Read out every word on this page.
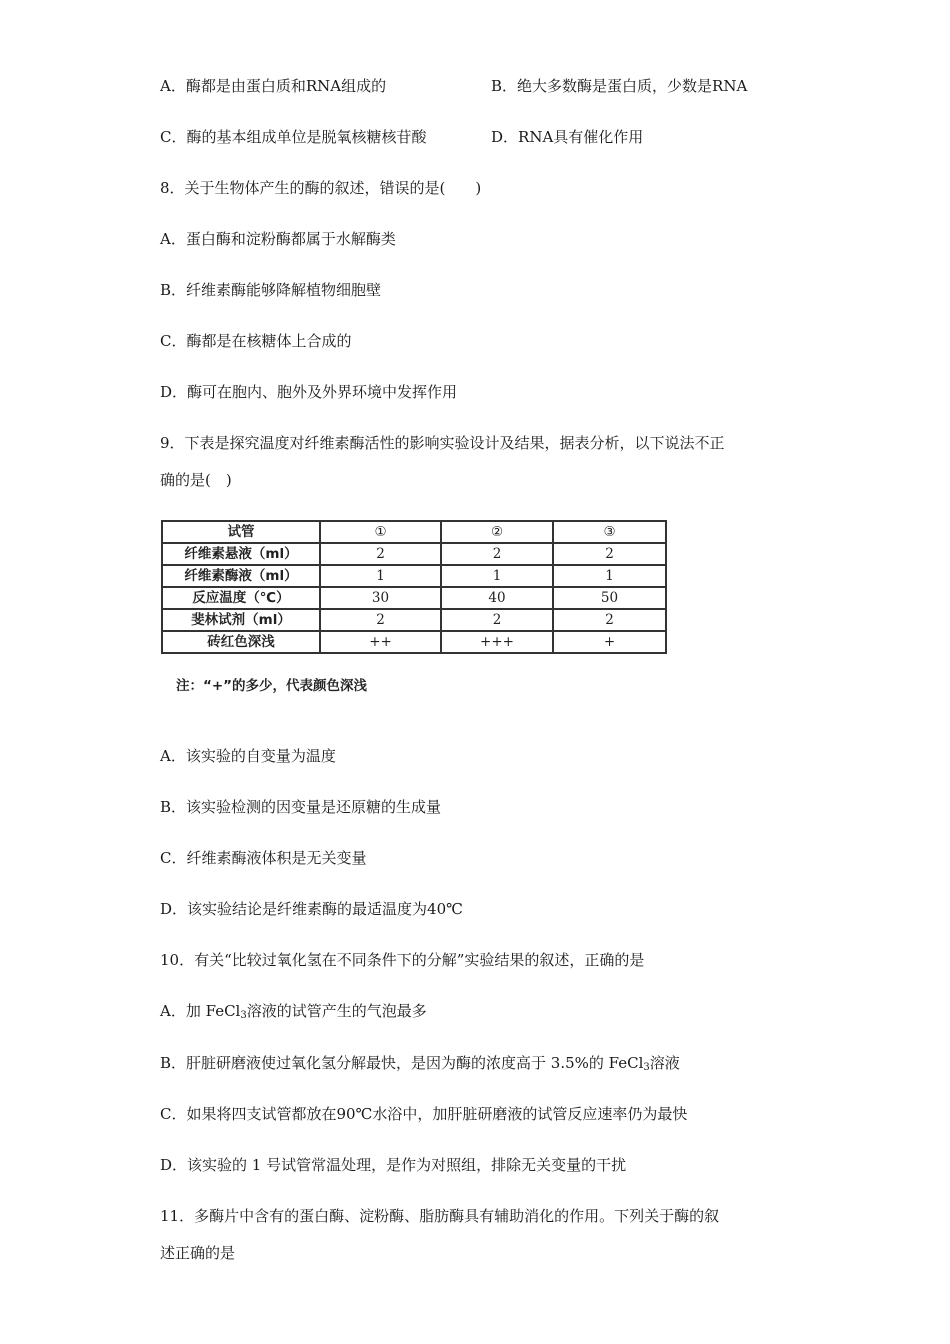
A．酶都是由蛋白质和RNA组成的	B．绝大多数酶是蛋白质，少数是RNA
C．酶的基本组成单位是脱氧核糖核苷酸	D．RNA具有催化作用
8．关于生物体产生的酶的叙述，错误的是(　　)
A．蛋白酶和淀粉酶都属于水解酶类
B．纤维素酶能够降解植物细胞壁
C．酶都是在核糖体上合成的
D．酶可在胞内、胞外及外界环境中发挥作用
9．下表是探究温度对纤维素酶活性的影响实验设计及结果，据表分析，以下说法不正
确的是(　)
试管	①	②	③
纤维素悬液（ml）	2	2	2
纤维素酶液（ml）	1	1	1
反应温度（℃）	30	40	50
斐林试剂（ml）	2	2	2
砖红色深浅	++	+++	+
注：“+”的多少，代表颜色深浅
A．该实验的自变量为温度
B．该实验检测的因变量是还原糖的生成量
C．纤维素酶液体积是无关变量
D．该实验结论是纤维素酶的最适温度为40℃
10．有关“比较过氧化氢在不同条件下的分解”实验结果的叙述，正确的是
A．加 FeCl$_3$溶液的试管产生的气泡最多
B．肝脏研磨液使过氧化氢分解最快，是因为酶的浓度高于 3.5%的 FeCl$_3$溶液
C．如果将四支试管都放在90℃水浴中，加肝脏研磨液的试管反应速率仍为最快
D．该实验的 1 号试管常温处理，是作为对照组，排除无关变量的干扰
11．多酶片中含有的蛋白酶、淀粉酶、脂肪酶具有辅助消化的作用。下列关于酶的叙
述正确的是
